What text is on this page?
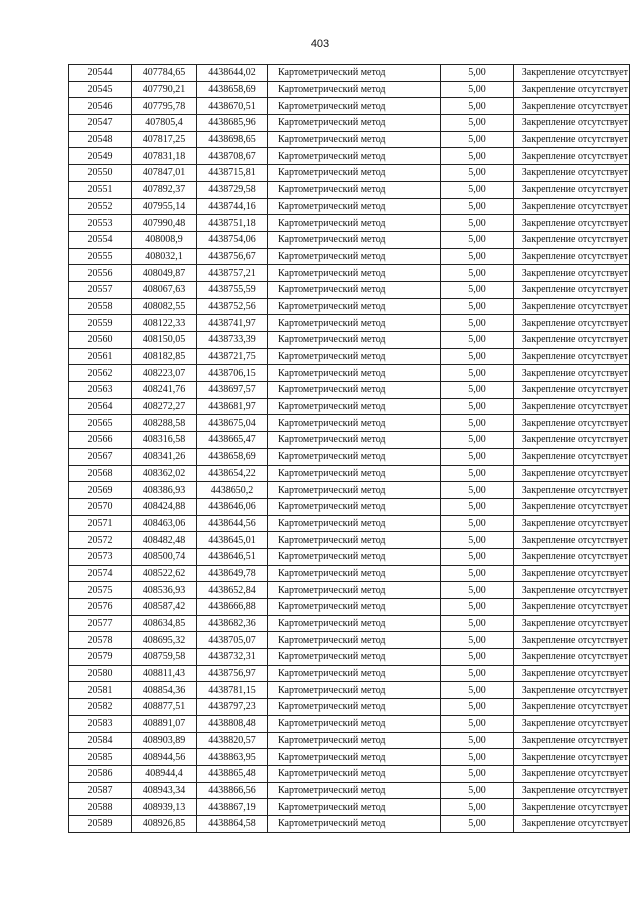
403
20544	407784,65	4438644,02	Картометрический метод	5,00	Закрепление отсутствует
20545	407790,21	4438658,69	Картометрический метод	5,00	Закрепление отсутствует
20546	407795,78	4438670,51	Картометрический метод	5,00	Закрепление отсутствует
20547	407805,4	4438685,96	Картометрический метод	5,00	Закрепление отсутствует
20548	407817,25	4438698,65	Картометрический метод	5,00	Закрепление отсутствует
20549	407831,18	4438708,67	Картометрический метод	5,00	Закрепление отсутствует
20550	407847,01	4438715,81	Картометрический метод	5,00	Закрепление отсутствует
20551	407892,37	4438729,58	Картометрический метод	5,00	Закрепление отсутствует
20552	407955,14	4438744,16	Картометрический метод	5,00	Закрепление отсутствует
20553	407990,48	4438751,18	Картометрический метод	5,00	Закрепление отсутствует
20554	408008,9	4438754,06	Картометрический метод	5,00	Закрепление отсутствует
20555	408032,1	4438756,67	Картометрический метод	5,00	Закрепление отсутствует
20556	408049,87	4438757,21	Картометрический метод	5,00	Закрепление отсутствует
20557	408067,63	4438755,59	Картометрический метод	5,00	Закрепление отсутствует
20558	408082,55	4438752,56	Картометрический метод	5,00	Закрепление отсутствует
20559	408122,33	4438741,97	Картометрический метод	5,00	Закрепление отсутствует
20560	408150,05	4438733,39	Картометрический метод	5,00	Закрепление отсутствует
20561	408182,85	4438721,75	Картометрический метод	5,00	Закрепление отсутствует
20562	408223,07	4438706,15	Картометрический метод	5,00	Закрепление отсутствует
20563	408241,76	4438697,57	Картометрический метод	5,00	Закрепление отсутствует
20564	408272,27	4438681,97	Картометрический метод	5,00	Закрепление отсутствует
20565	408288,58	4438675,04	Картометрический метод	5,00	Закрепление отсутствует
20566	408316,58	4438665,47	Картометрический метод	5,00	Закрепление отсутствует
20567	408341,26	4438658,69	Картометрический метод	5,00	Закрепление отсутствует
20568	408362,02	4438654,22	Картометрический метод	5,00	Закрепление отсутствует
20569	408386,93	4438650,2	Картометрический метод	5,00	Закрепление отсутствует
20570	408424,88	4438646,06	Картометрический метод	5,00	Закрепление отсутствует
20571	408463,06	4438644,56	Картометрический метод	5,00	Закрепление отсутствует
20572	408482,48	4438645,01	Картометрический метод	5,00	Закрепление отсутствует
20573	408500,74	4438646,51	Картометрический метод	5,00	Закрепление отсутствует
20574	408522,62	4438649,78	Картометрический метод	5,00	Закрепление отсутствует
20575	408536,93	4438652,84	Картометрический метод	5,00	Закрепление отсутствует
20576	408587,42	4438666,88	Картометрический метод	5,00	Закрепление отсутствует
20577	408634,85	4438682,36	Картометрический метод	5,00	Закрепление отсутствует
20578	408695,32	4438705,07	Картометрический метод	5,00	Закрепление отсутствует
20579	408759,58	4438732,31	Картометрический метод	5,00	Закрепление отсутствует
20580	408811,43	4438756,97	Картометрический метод	5,00	Закрепление отсутствует
20581	408854,36	4438781,15	Картометрический метод	5,00	Закрепление отсутствует
20582	408877,51	4438797,23	Картометрический метод	5,00	Закрепление отсутствует
20583	408891,07	4438808,48	Картометрический метод	5,00	Закрепление отсутствует
20584	408903,89	4438820,57	Картометрический метод	5,00	Закрепление отсутствует
20585	408944,56	4438863,95	Картометрический метод	5,00	Закрепление отсутствует
20586	408944,4	4438865,48	Картометрический метод	5,00	Закрепление отсутствует
20587	408943,34	4438866,56	Картометрический метод	5,00	Закрепление отсутствует
20588	408939,13	4438867,19	Картометрический метод	5,00	Закрепление отсутствует
20589	408926,85	4438864,58	Картометрический метод	5,00	Закрепление отсутствует
